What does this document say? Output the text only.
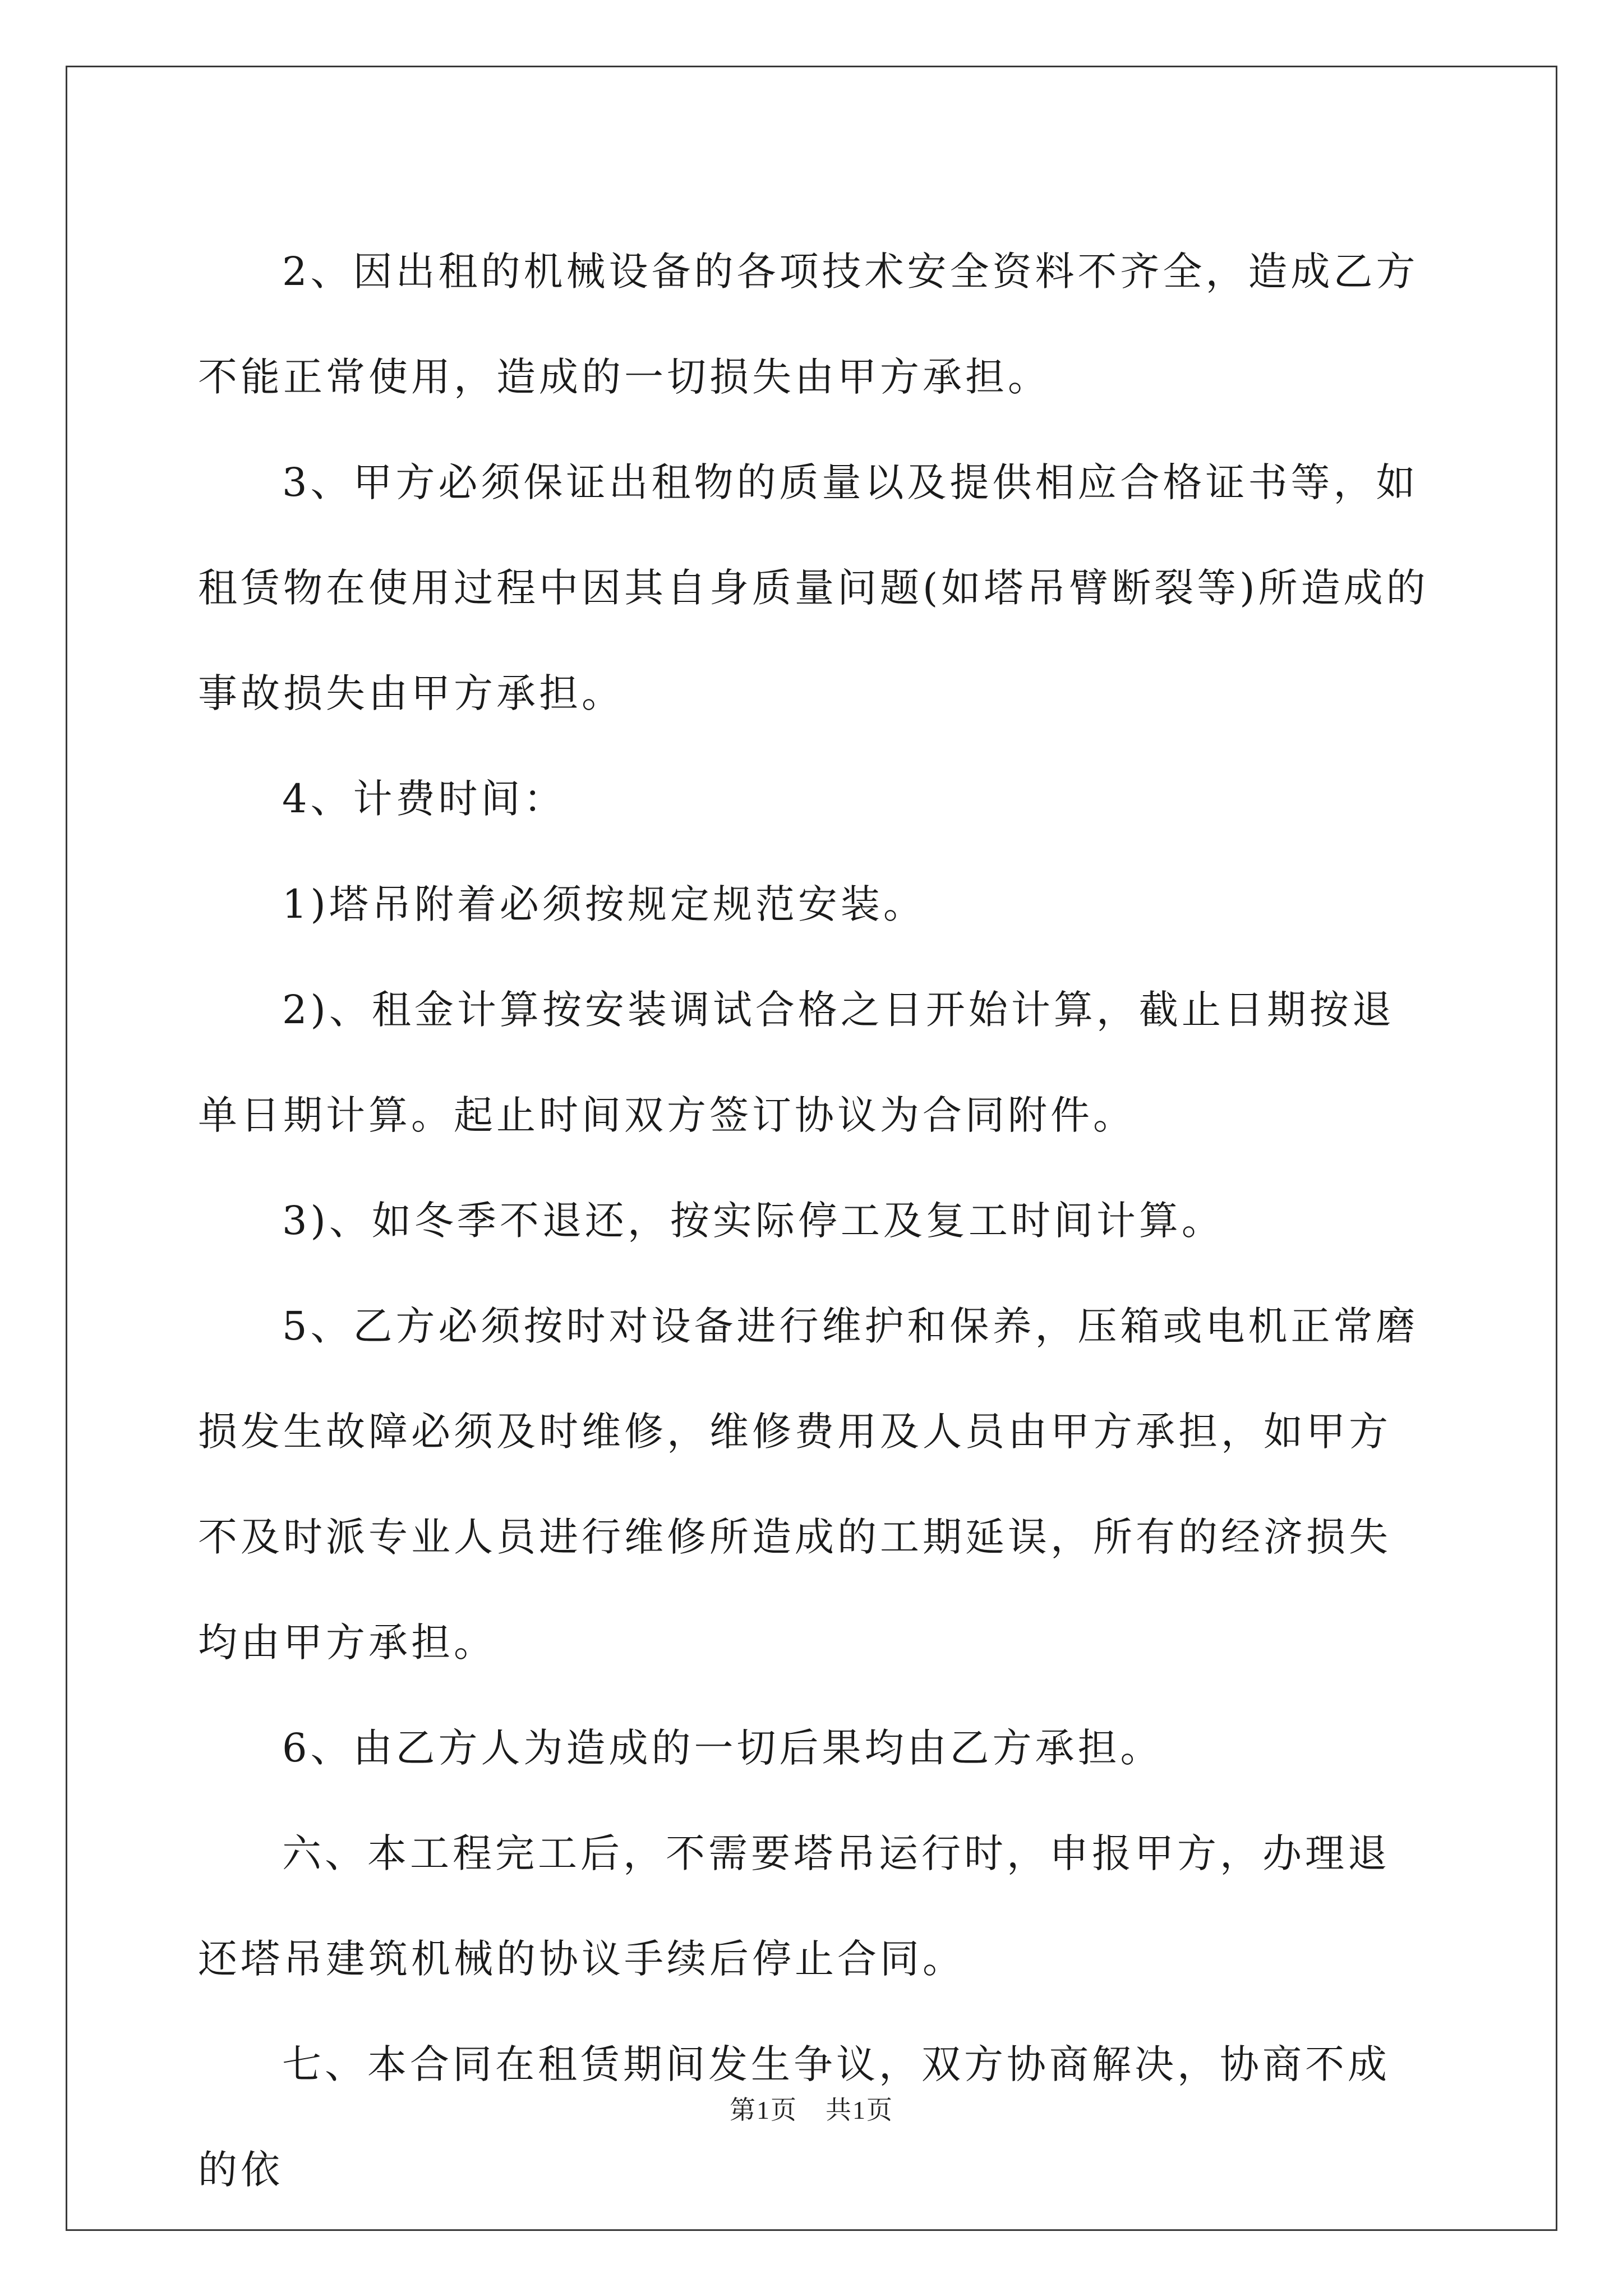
2、因出租的机械设备的各项技术安全资料不齐全，造成乙方不能正常使用，造成的一切损失由甲方承担。

3、甲方必须保证出租物的质量以及提供相应合格证书等，如租赁物在使用过程中因其自身质量问题(如塔吊臂断裂等)所造成的事故损失由甲方承担。

4、计费时间：

1)塔吊附着必须按规定规范安装。

2)、租金计算按安装调试合格之日开始计算，截止日期按退单日期计算。起止时间双方签订协议为合同附件。

3)、如冬季不退还，按实际停工及复工时间计算。

5、乙方必须按时对设备进行维护和保养，压箱或电机正常磨损发生故障必须及时维修，维修费用及人员由甲方承担，如甲方不及时派专业人员进行维修所造成的工期延误，所有的经济损失均由甲方承担。

6、由乙方人为造成的一切后果均由乙方承担。

六、本工程完工后，不需要塔吊运行时，申报甲方，办理退还塔吊建筑机械的协议手续后停止合同。

七、本合同在租赁期间发生争议，双方协商解决，协商不成的依

第1页 共1页
